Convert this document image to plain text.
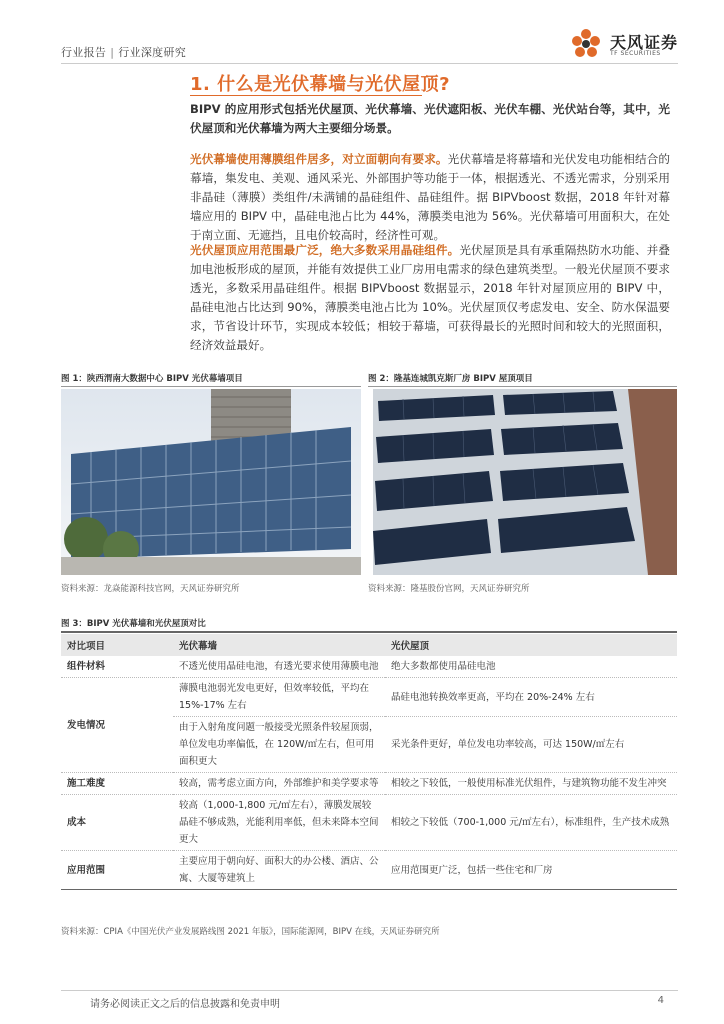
行业报告 | 行业深度研究
天风证券
TF SECURITIES
1. 什么是光伏幕墙与光伏屋顶?
BIPV 的应用形式包括光伏屋顶、光伏幕墙、光伏遮阳板、光伏车棚、光伏站台等，其中，光伏屋顶和光伏幕墙为两大主要细分场景。
光伏幕墙使用薄膜组件居多，对立面朝向有要求。光伏幕墙是将幕墙和光伏发电功能相结合的幕墙，集发电、美观、通风采光、外部围护等功能于一体，根据透光、不透光需求，分别采用非晶硅（薄膜）类组件/未满铺的晶硅组件、晶硅组件。据 BIPVboost 数据，2018 年针对幕墙应用的 BIPV 中，晶硅电池占比为 44%，薄膜类电池为 56%。光伏幕墙可用面积大，在处于南立面、无遮挡，且电价较高时，经济性可观。
光伏屋顶应用范围最广泛，绝大多数采用晶硅组件。光伏屋顶是具有承重隔热防水功能、并叠加电池板形成的屋顶，并能有效提供工业厂房用电需求的绿色建筑类型。一般光伏屋顶不要求透光，多数采用晶硅组件。根据 BIPVboost 数据显示，2018 年针对屋顶应用的 BIPV 中，晶硅电池占比达到 90%，薄膜类电池占比为 10%。光伏屋顶仅考虑发电、安全、防水保温要求，节省设计环节，实现成本较低；相较于幕墙，可获得最长的光照时间和较大的光照面积，经济效益最好。
图 1：陕西渭南大数据中心 BIPV 光伏幕墙项目
资料来源：龙焱能源科技官网，天风证券研究所
图 2：隆基连城凯克斯厂房 BIPV 屋顶项目
资料来源：隆基股份官网，天风证券研究所
图 3：BIPV 光伏幕墙和光伏屋顶对比
对比项目	光伏幕墙	光伏屋顶
组件材料	不透光使用晶硅电池，有透光要求使用薄膜电池	绝大多数都使用晶硅电池
发电情况	薄膜电池弱光发电更好，但效率较低，平均在 15%-17% 左右	晶硅电池转换效率更高，平均在 20%-24% 左右
	由于入射角度问题一般接受光照条件较屋顶弱，单位发电功率偏低，在 120W/㎡左右，但可用面积更大	采光条件更好，单位发电功率较高，可达 150W/㎡左右
施工难度	较高，需考虑立面方向，外部维护和美学要求等	相较之下较低，一般使用标准光伏组件，与建筑物功能不发生冲突
成本	较高（1,000-1,800 元/㎡左右），薄膜发展较晶硅不够成熟，光能利用率低，但未来降本空间更大	相较之下较低（700-1,000 元/㎡左右），标准组件，生产技术成熟
应用范围	主要应用于朝向好、面积大的办公楼、酒店、公寓、大厦等建筑上	应用范围更广泛，包括一些住宅和厂房
资料来源：CPIA《中国光伏产业发展路线图 2021 年版》，国际能源网，BIPV 在线，天风证券研究所
请务必阅读正文之后的信息披露和免责申明	4
